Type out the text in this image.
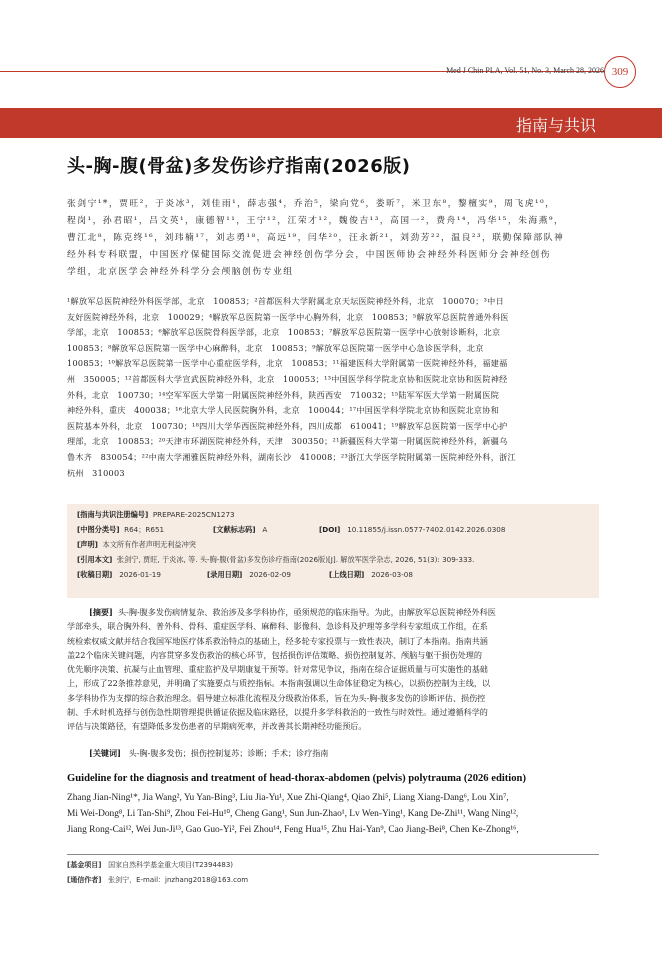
Med J Chin PLA, Vol. 51, No. 3, March 28, 2026 309
指南与共识
头-胸-腹(骨盆)多发伤诊疗指南(2026版)
张剑宁¹*，贾旺²，于炎冰³，刘佳雨¹，薛志强⁴，乔治⁵，梁向党⁶，娄昕⁷，米卫东⁸，黎檀实⁹，周飞虎¹⁰，
程岗¹，孙君昭¹，吕文英¹，康德智¹¹，王宁¹²，江荣才¹²，魏俊吉¹³，高国一²，费舟¹⁴，冯华¹⁵，朱海燕⁹，
曹江北⁸，陈克终¹⁶，刘玮楠¹⁷，刘志勇¹⁸，高远¹⁹，闫华²⁰，汪永新²¹，刘劲芳²²，温良²³，联勤保障部队神
经外科专科联盟，中国医疗保健国际交流促进会神经创伤学分会，中国医师协会神经外科医师分会神经创伤
学组，北京医学会神经外科学分会颅脑创伤专业组
¹解放军总医院神经外科医学部，北京　100853；²首都医科大学附属北京天坛医院神经外科，北京　100070；³中日
友好医院神经外科，北京　100029；⁴解放军总医院第一医学中心胸外科，北京　100853；⁵解放军总医院普通外科医
学部，北京　100853；⁶解放军总医院骨科医学部，北京　100853；⁷解放军总医院第一医学中心放射诊断科，北京
100853；⁸解放军总医院第一医学中心麻醉科，北京　100853；⁹解放军总医院第一医学中心急诊医学科，北京
100853；¹⁰解放军总医院第一医学中心重症医学科，北京　100853；¹¹福建医科大学附属第一医院神经外科，福建福
州　350005；¹²首都医科大学宣武医院神经外科，北京　100053；¹³中国医学科学院北京协和医院北京协和医院神经
外科，北京　100730；¹⁴空军军医大学第一附属医院神经外科，陕西西安　710032；¹⁵陆军军医大学第一附属医院
神经外科，重庆　400038；¹⁶北京大学人民医院胸外科，北京　100044；¹⁷中国医学科学院北京协和医院北京协和
医院基本外科，北京　100730；¹⁸四川大学华西医院神经外科，四川成都　610041；¹⁹解放军总医院第一医学中心护
理部，北京　100853；²⁰天津市环湖医院神经外科，天津　300350；²¹新疆医科大学第一附属医院神经外科，新疆乌
鲁木齐　830054；²²中南大学湘雅医院神经外科，湖南长沙　410008；²³浙江大学医学院附属第一医院神经外科，浙江
杭州　310003
[指南与共识注册编号] PREPARE-2025CN1273
[中图分类号] R64；R651	[文献标志码] A	[DOI] 10.11855/j.issn.0577-7402.0142.2026.0308
[声明] 本文所有作者声明无利益冲突
[引用本文] 张剑宁, 贾旺, 于炎冰, 等. 头-胸-腹(骨盆)多发伤诊疗指南(2026版)[J]. 解放军医学杂志, 2026, 51(3): 309-333.
[收稿日期] 2026-01-19	[录用日期] 2026-02-09	[上线日期] 2026-03-08
[摘要] 头-胸-腹多发伤病情复杂、救治涉及多学科协作，亟须规范的临床指导。为此，由解放军总医院神经外科医
学部牵头，联合胸外科、普外科、骨科、重症医学科、麻醉科、影像科、急诊科及护理等多学科专家组成工作组，在系
统检索权威文献并结合我国军地医疗体系救治特点的基础上，经多轮专家投票与一致性表决，制订了本指南。指南共涵
盖22个临床关键问题，内容贯穿多发伤救治的核心环节，包括损伤评估策略、损伤控制复苏、颅脑与躯干损伤处理的
优先顺序决策、抗凝与止血管理、重症监护及早期康复干预等。针对常见争议，指南在综合证据质量与可实施性的基础
上，形成了22条推荐意见，并明确了实施要点与质控指标。本指南强调以生命体征稳定为核心，以损伤控制为主线，以
多学科协作为支撑的综合救治理念。倡导建立标准化流程及分级救治体系，旨在为头-胸-腹多发伤的诊断评估、损伤控
制、手术时机选择与创伤急性期管理提供循证依据及临床路径，以提升多学科救治的一致性与时效性。通过遵循科学的
评估与决策路径，有望降低多发伤患者的早期病死率，并改善其长期神经功能预后。
[关键词] 头-胸-腹多发伤；损伤控制复苏；诊断；手术；诊疗指南
Guideline for the diagnosis and treatment of head-thorax-abdomen (pelvis) polytrauma (2026 edition)
Zhang Jian-Ning¹*, Jia Wang², Yu Yan-Bing³, Liu Jia-Yu¹, Xue Zhi-Qiang⁴, Qiao Zhi⁵, Liang Xiang-Dang⁶, Lou Xin⁷,
Mi Wei-Dong⁸, Li Tan-Shi⁹, Zhou Fei-Hu¹⁰, Cheng Gang¹, Sun Jun-Zhao¹, Lv Wen-Ying¹, Kang De-Zhi¹¹, Wang Ning¹²,
Jiang Rong-Cai¹², Wei Jun-Ji¹³, Gao Guo-Yi², Fei Zhou¹⁴, Feng Hua¹⁵, Zhu Hai-Yan⁹, Cao Jiang-Bei⁸, Chen Ke-Zhong¹⁶,
[基金项目] 国家自然科学基金重大项目(T2394483)
[通信作者] 张剑宁，E-mail：jnzhang2018@163.com
